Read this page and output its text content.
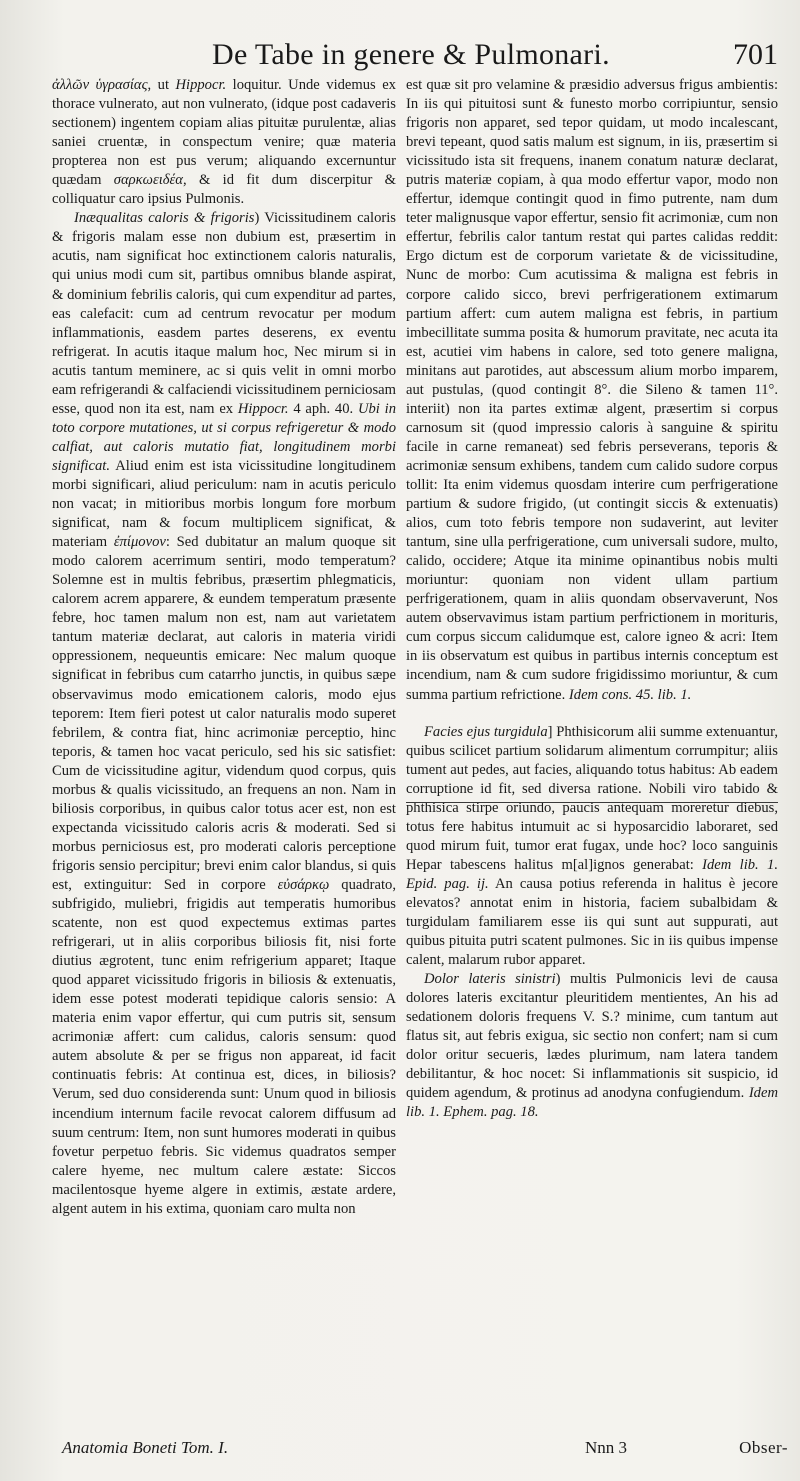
De Tabe in genere & Pulmonari.	701

ἀλλῶν ὑγρασίας, ut Hippocr. loquitur. Unde videmus ex thorace vulnerato, aut non vulnerato, (idque post cadaveris sectionem) ingentem copiam alias pituitæ purulentæ, alias saniei cruentæ, in conspectum venire; quæ materia propterea non est pus verum; aliquando excernuntur quædam σαρκωειδέα, & id fit dum discerpitur & colliquatur caro ipsius Pulmonis.

Inæqualitas caloris & frigoris) Vicissitudinem caloris & frigoris malam esse non dubium est, præsertim in acutis, nam significat hoc extinctionem caloris naturalis, qui unius modi cum sit, partibus omnibus blande aspirat, & dominium febrilis caloris, qui cum expenditur ad partes, eas calefacit: cum ad centrum revocatur per modum inflammationis, easdem partes deserens, ex eventu refrigerat. In acutis itaque malum hoc, Nec mirum si in acutis tantum meminere, ac si quis velit in omni morbo eam refrigerandi & calfaciendi vicissitudinem perniciosam esse, quod non ita est, nam ex Hippocr. 4 aph. 40. Ubi in toto corpore mutationes, ut si corpus refrigeretur & modo calfiat, aut caloris mutatio fiat, longitudinem morbi significat. Aliud enim est ista vicissitudine longitudinem morbi significari, aliud periculum: nam in acutis periculo non vacat; in mitioribus morbis longum fore morbum significat, nam & focum multiplicem significat, & materiam ἐπίμονον: Sed dubitatur an malum quoque sit modo calorem acerrimum sentiri, modo temperatum? Solemne est in multis febribus, præsertim phlegmaticis, calorem acrem apparere, & eundem temperatum præsente febre, hoc tamen malum non est, nam aut varietatem tantum materiæ declarat, aut caloris in materia viridi oppressionem, nequeuntis emicare: Nec malum quoque significat in febribus cum catarrho junctis, in quibus sæpe observavimus modo emicationem caloris, modo ejus teporem: Item fieri potest ut calor naturalis modo superet febrilem, & contra fiat, hinc acrimoniæ perceptio, hinc teporis, & tamen hoc vacat periculo, sed his sic satisfiet: Cum de vicissitudine agitur, videndum quod corpus, quis morbus & qualis vicissitudo, an frequens an non. Nam in biliosis corporibus, in quibus calor totus acer est, non est expectanda vicissitudo caloris acris & moderati. Sed si morbus perniciosus est, pro moderati caloris perceptione frigoris sensio percipitur; brevi enim calor blandus, si quis est, extinguitur: Sed in corpore εὐσάρκῳ quadrato, subfrigido, muliebri, frigidis aut temperatis humoribus scatente, non est quod expectemus extimas partes refrigerari, ut in aliis corporibus biliosis fit, nisi forte diutius ægrotent, tunc enim refrigerium apparet; Itaque quod apparet vicissitudo frigoris in biliosis & extenuatis, idem esse potest moderati tepidique caloris sensio: A materia enim vapor effertur, qui cum putris sit, sensum acrimoniæ affert: cum calidus, caloris sensum: quod autem absolute & per se frigus non appareat, id facit continuatis febris: At continua est, dices, in biliosis? Verum, sed duo considerenda sunt: Unum quod in biliosis incendium internum facile revocat calorem diffusum ad suum centrum: Item, non sunt humores moderati in quibus fovetur perpetuo febris. Sic videmus quadratos semper calere hyeme, nec multum calere æstate: Siccos macilentosque hyeme algere in extimis, æstate ardere, algent autem in his extima, quoniam caro multa non

est quæ sit pro velamine & præsidio adversus frigus ambientis: In iis qui pituitosi sunt & funesto morbo corripiuntur, sensio frigoris non apparet, sed tepor quidam, ut modo incalescant, brevi tepeant, quod satis malum est signum, in iis, præsertim si vicissitudo ista sit frequens, inanem conatum naturæ declarat, putris materiæ copiam, à qua modo effertur vapor, modo non effertur, idemque contingit quod in fimo putrente, nam dum teter malignusque vapor effertur, sensio fit acrimoniæ, cum non effertur, febrilis calor tantum restat qui partes calidas reddit: Ergo dictum est de corporum varietate & de vicissitudine, Nunc de morbo: Cum acutissima & maligna est febris in corpore calido sicco, brevi perfrigerationem extimarum partium affert: cum autem maligna est febris, in partium imbecillitate summa posita & humorum pravitate, nec acuta ita est, acutiei vim habens in calore, sed toto genere maligna, minitans aut parotides, aut abscessum alium morbo imparem, aut pustulas, (quod contingit 8°. die Sileno & tamen 11°. interiit) non ita partes extimæ algent, præsertim si corpus carnosum sit (quod impressio caloris à sanguine & spiritu facile in carne remaneat) sed febris perseverans, teporis & acrimoniæ sensum exhibens, tandem cum calido sudore corpus tollit: Ita enim videmus quosdam interire cum perfrigeratione partium & sudore frigido, (ut contingit siccis & extenuatis) alios, cum toto febris tempore non sudaverint, aut leviter tantum, sine ulla perfrigeratione, cum universali sudore, multo, calido, occidere; Atque ita minime opinantibus nobis multi moriuntur: quoniam non vident ullam partium perfrigerationem, quam in aliis quondam observaverunt, Nos autem observavimus istam partium perfrictionem in morituris, cum corpus siccum calidumque est, calore igneo & acri: Item in iis observatum est quibus in partibus internis conceptum est incendium, nam & cum sudore frigidissimo moriuntur, & cum summa partium refrictione. Idem cons. 45. lib. 1.

Facies ejus turgidula] Phthisicorum alii summe extenuantur, quibus scilicet partium solidarum alimentum corrumpitur; aliis tument aut pedes, aut facies, aliquando totus habitus: Ab eadem corruptione id fit, sed diversa ratione. Nobili viro tabido & phthisica stirpe oriundo, paucis antequam moreretur diebus, totus fere habitus intumuit ac si hyposarcidio laboraret, sed quod mirum fuit, tumor erat fugax, unde hoc? loco sanguinis Hepar tabescens halitus m[al]ignos generabat: Idem lib. 1. Epid. pag. ij. An causa potius referenda in halitus è jecore elevatos? annotat enim in historia, faciem subalbidam & turgidulam familiarem esse iis qui sunt aut suppurati, aut quibus pituita putri scatent pulmones. Sic in iis quibus impense calent, malarum rubor apparet.

Dolor lateris sinistri) multis Pulmonicis levi de causa dolores lateris excitantur pleuritidem mentientes, An his ad sedationem doloris frequens V. S.? minime, cum tantum aut flatus sit, aut febris exigua, sic sectio non confert; nam si cum dolor oritur secueris, lædes plurimum, nam latera tandem debilitantur, & hoc nocet: Si inflammationis sit suspicio, id quidem agendum, & protinus ad anodyna confugiendum. Idem lib. 1. Ephem. pag. 18.

Anatomia Boneti Tom. I.	Nnn 3	Obser-
